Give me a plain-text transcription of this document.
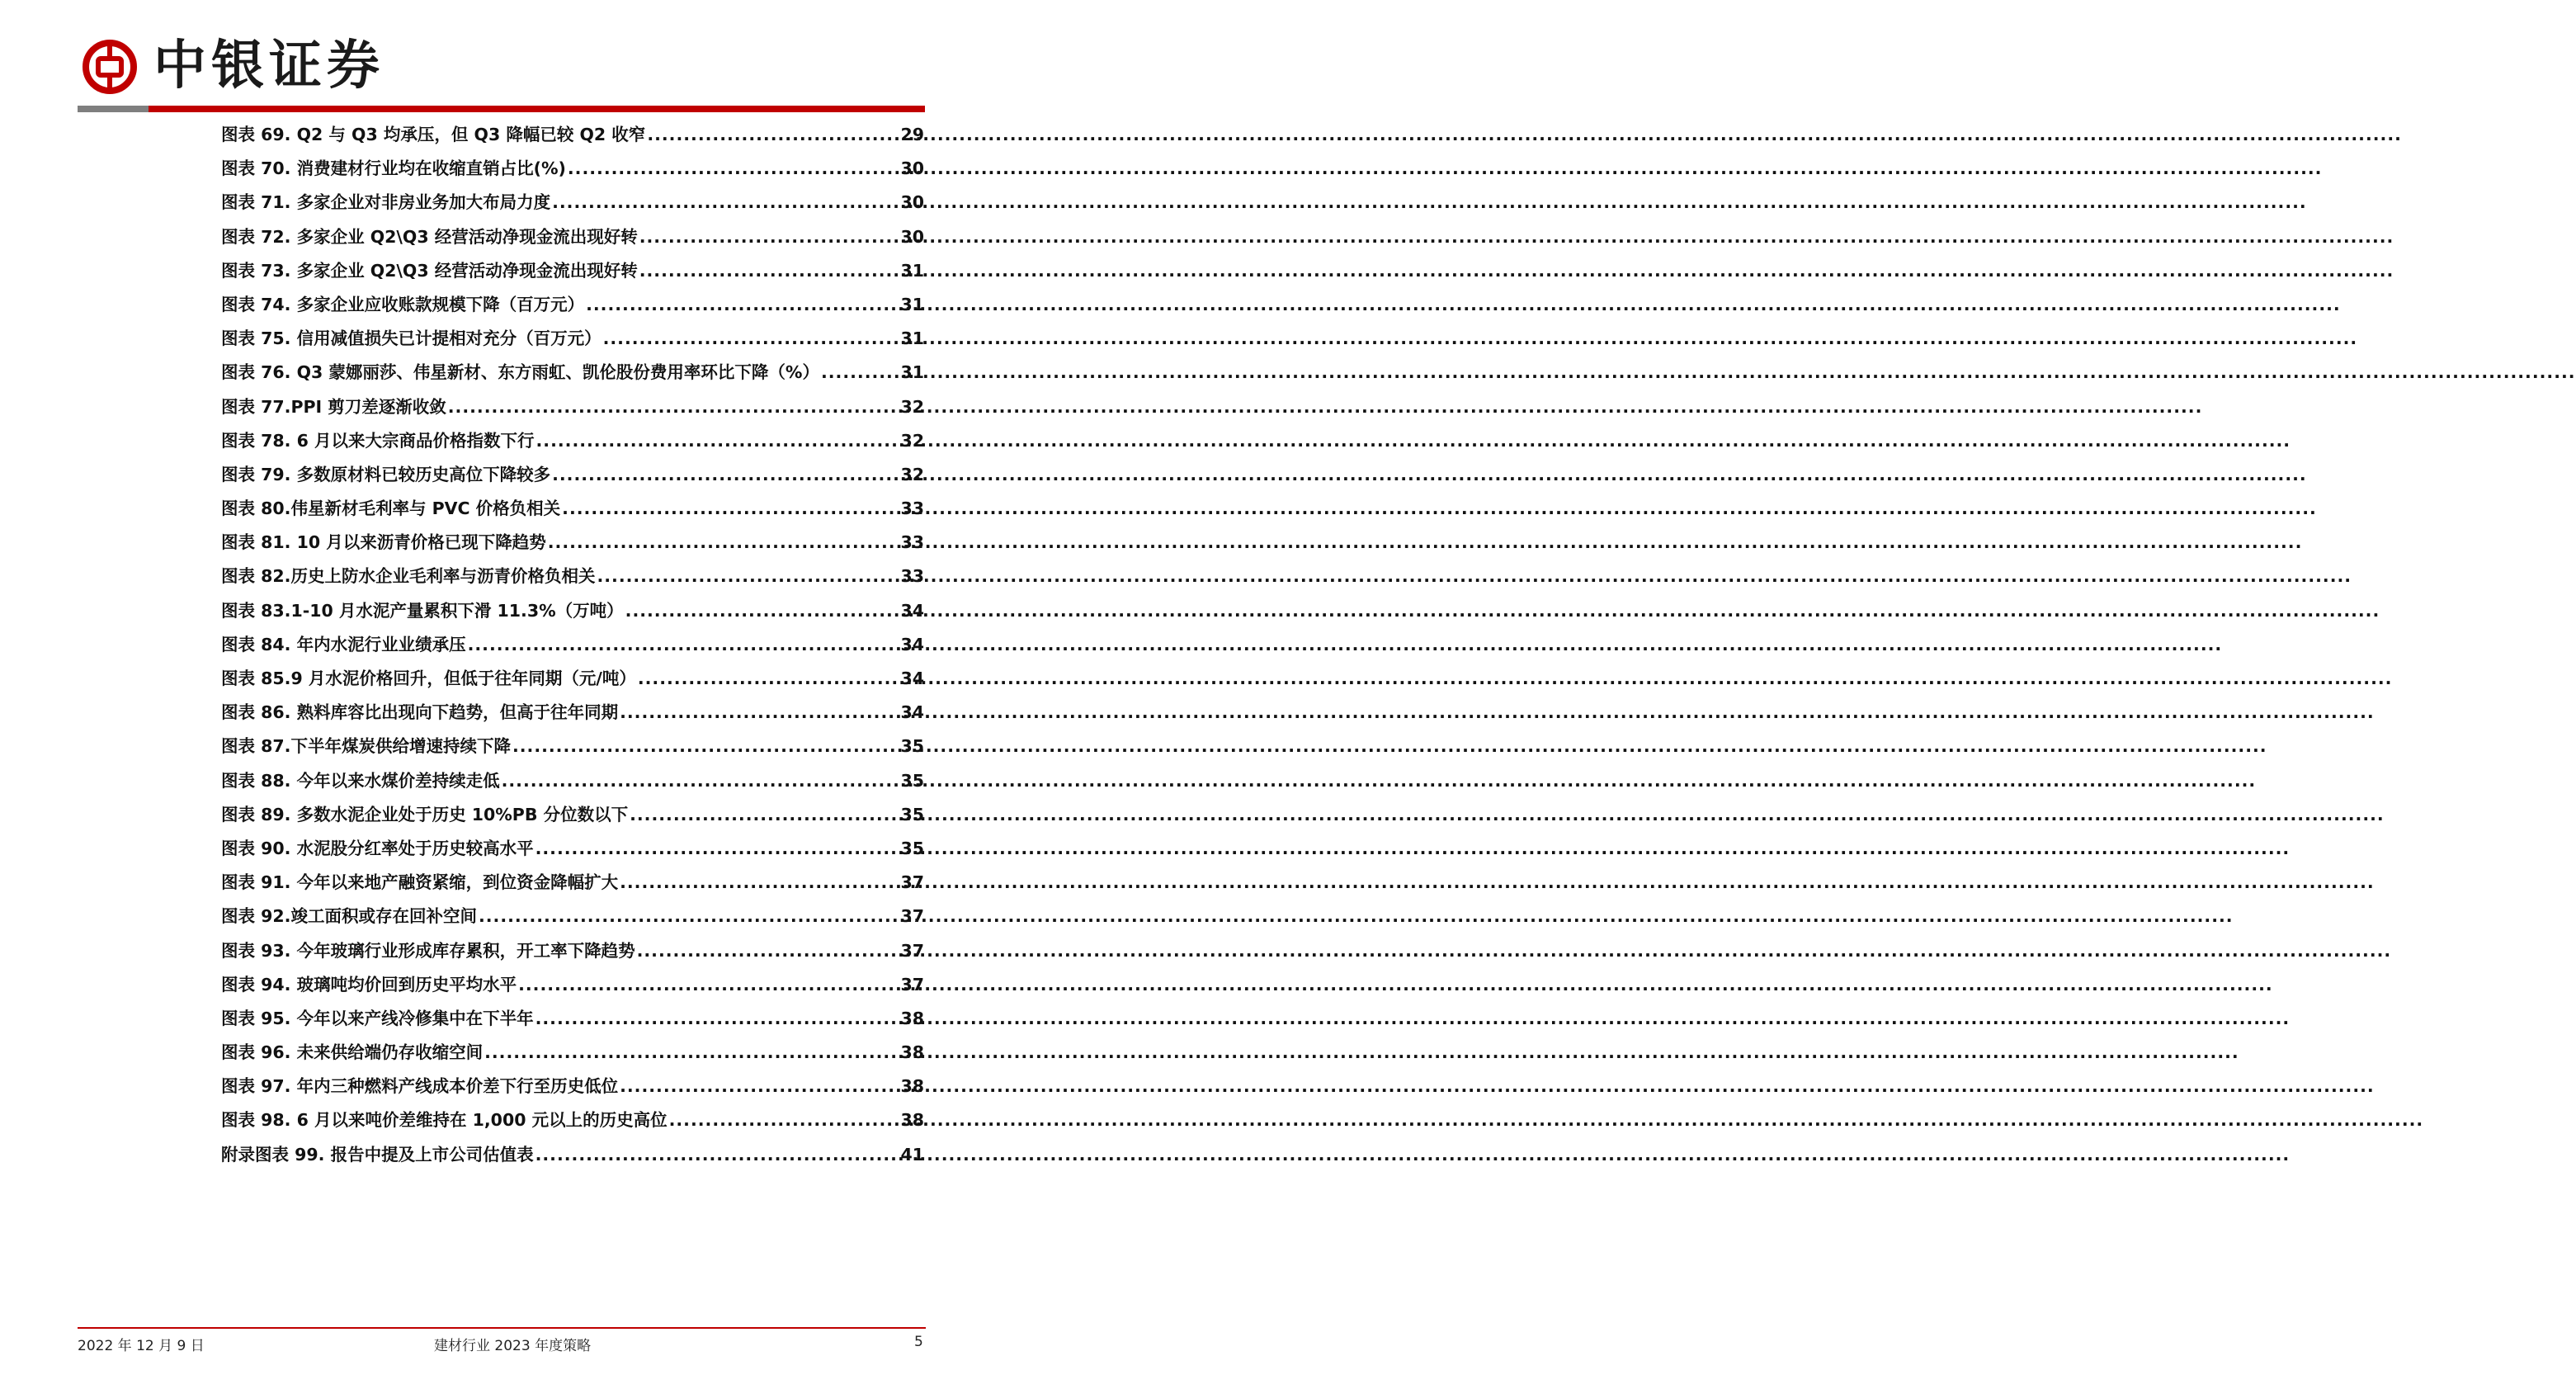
中银证券
图表 69. Q2 与 Q3 均承压，但 Q3 降幅已较 Q2 收窄 .....	29
图表 70. 消费建材行业均在收缩直销占比(%) .....	30
图表 71. 多家企业对非房业务加大布局力度 .....	30
图表 72. 多家企业 Q2\Q3 经营活动净现金流出现好转 .....	30
图表 73. 多家企业 Q2\Q3 经营活动净现金流出现好转 .....	31
图表 74. 多家企业应收账款规模下降（百万元） .....	31
图表 75. 信用减值损失已计提相对充分（百万元） .....	31
图表 76. Q3 蒙娜丽莎、伟星新材、东方雨虹、凯伦股份费用率环比下降（%） .....	31
图表 77.PPI 剪刀差逐渐收敛 .....	32
图表 78. 6 月以来大宗商品价格指数下行 .....	32
图表 79. 多数原材料已较历史高位下降较多 .....	32
图表 80.伟星新材毛利率与 PVC 价格负相关 .....	33
图表 81. 10 月以来沥青价格已现下降趋势 .....	33
图表 82.历史上防水企业毛利率与沥青价格负相关 .....	33
图表 83.1-10 月水泥产量累积下滑 11.3%（万吨） .....	34
图表 84. 年内水泥行业业绩承压 .....	34
图表 85.9 月水泥价格回升，但低于往年同期（元/吨） .....	34
图表 86. 熟料库容比出现向下趋势，但高于往年同期 .....	34
图表 87.下半年煤炭供给增速持续下降 .....	35
图表 88. 今年以来水煤价差持续走低 .....	35
图表 89. 多数水泥企业处于历史 10%PB 分位数以下 .....	35
图表 90. 水泥股分红率处于历史较高水平 .....	35
图表 91. 今年以来地产融资紧缩，到位资金降幅扩大 .....	37
图表 92.竣工面积或存在回补空间 .....	37
图表 93. 今年玻璃行业形成库存累积，开工率下降趋势 .....	37
图表 94. 玻璃吨均价回到历史平均水平 .....	37
图表 95. 今年以来产线冷修集中在下半年 .....	38
图表 96. 未来供给端仍存收缩空间 .....	38
图表 97. 年内三种燃料产线成本价差下行至历史低位 .....	38
图表 98. 6 月以来吨价差维持在 1,000 元以上的历史高位 .....	38
附录图表 99. 报告中提及上市公司估值表 .....	41
2022 年 12 月 9 日	建材行业 2023 年度策略	5
